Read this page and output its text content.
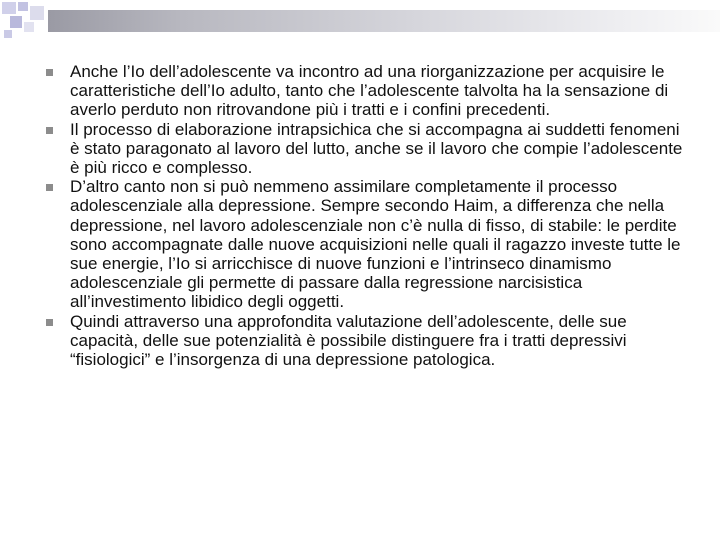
Anche l’Io dell’adolescente va incontro ad una riorganizzazione per acquisire le caratteristiche dell’Io adulto, tanto che l’adolescente talvolta ha la sensazione di averlo perduto non ritrovandone più i tratti e i confini precedenti.
Il processo di elaborazione intrapsichica che si accompagna ai suddetti fenomeni è stato paragonato al lavoro del lutto, anche se il lavoro che compie l’adolescente è più ricco e complesso.
D’altro canto non si può nemmeno assimilare completamente il processo adolescenziale alla depressione. Sempre secondo Haim, a differenza che nella depressione, nel lavoro adolescenziale non c’è nulla di fisso, di stabile: le perdite sono accompagnate dalle nuove acquisizioni nelle quali il ragazzo investe tutte le sue energie, l’Io si arricchisce di nuove funzioni e l’intrinseco dinamismo adolescenziale gli permette di passare dalla regressione narcisistica all’investimento libidico degli oggetti.
Quindi attraverso una approfondita valutazione dell’adolescente, delle sue capacità, delle sue potenzialità è possibile distinguere fra i tratti depressivi “fisiologici” e l’insorgenza di una depressione patologica.
